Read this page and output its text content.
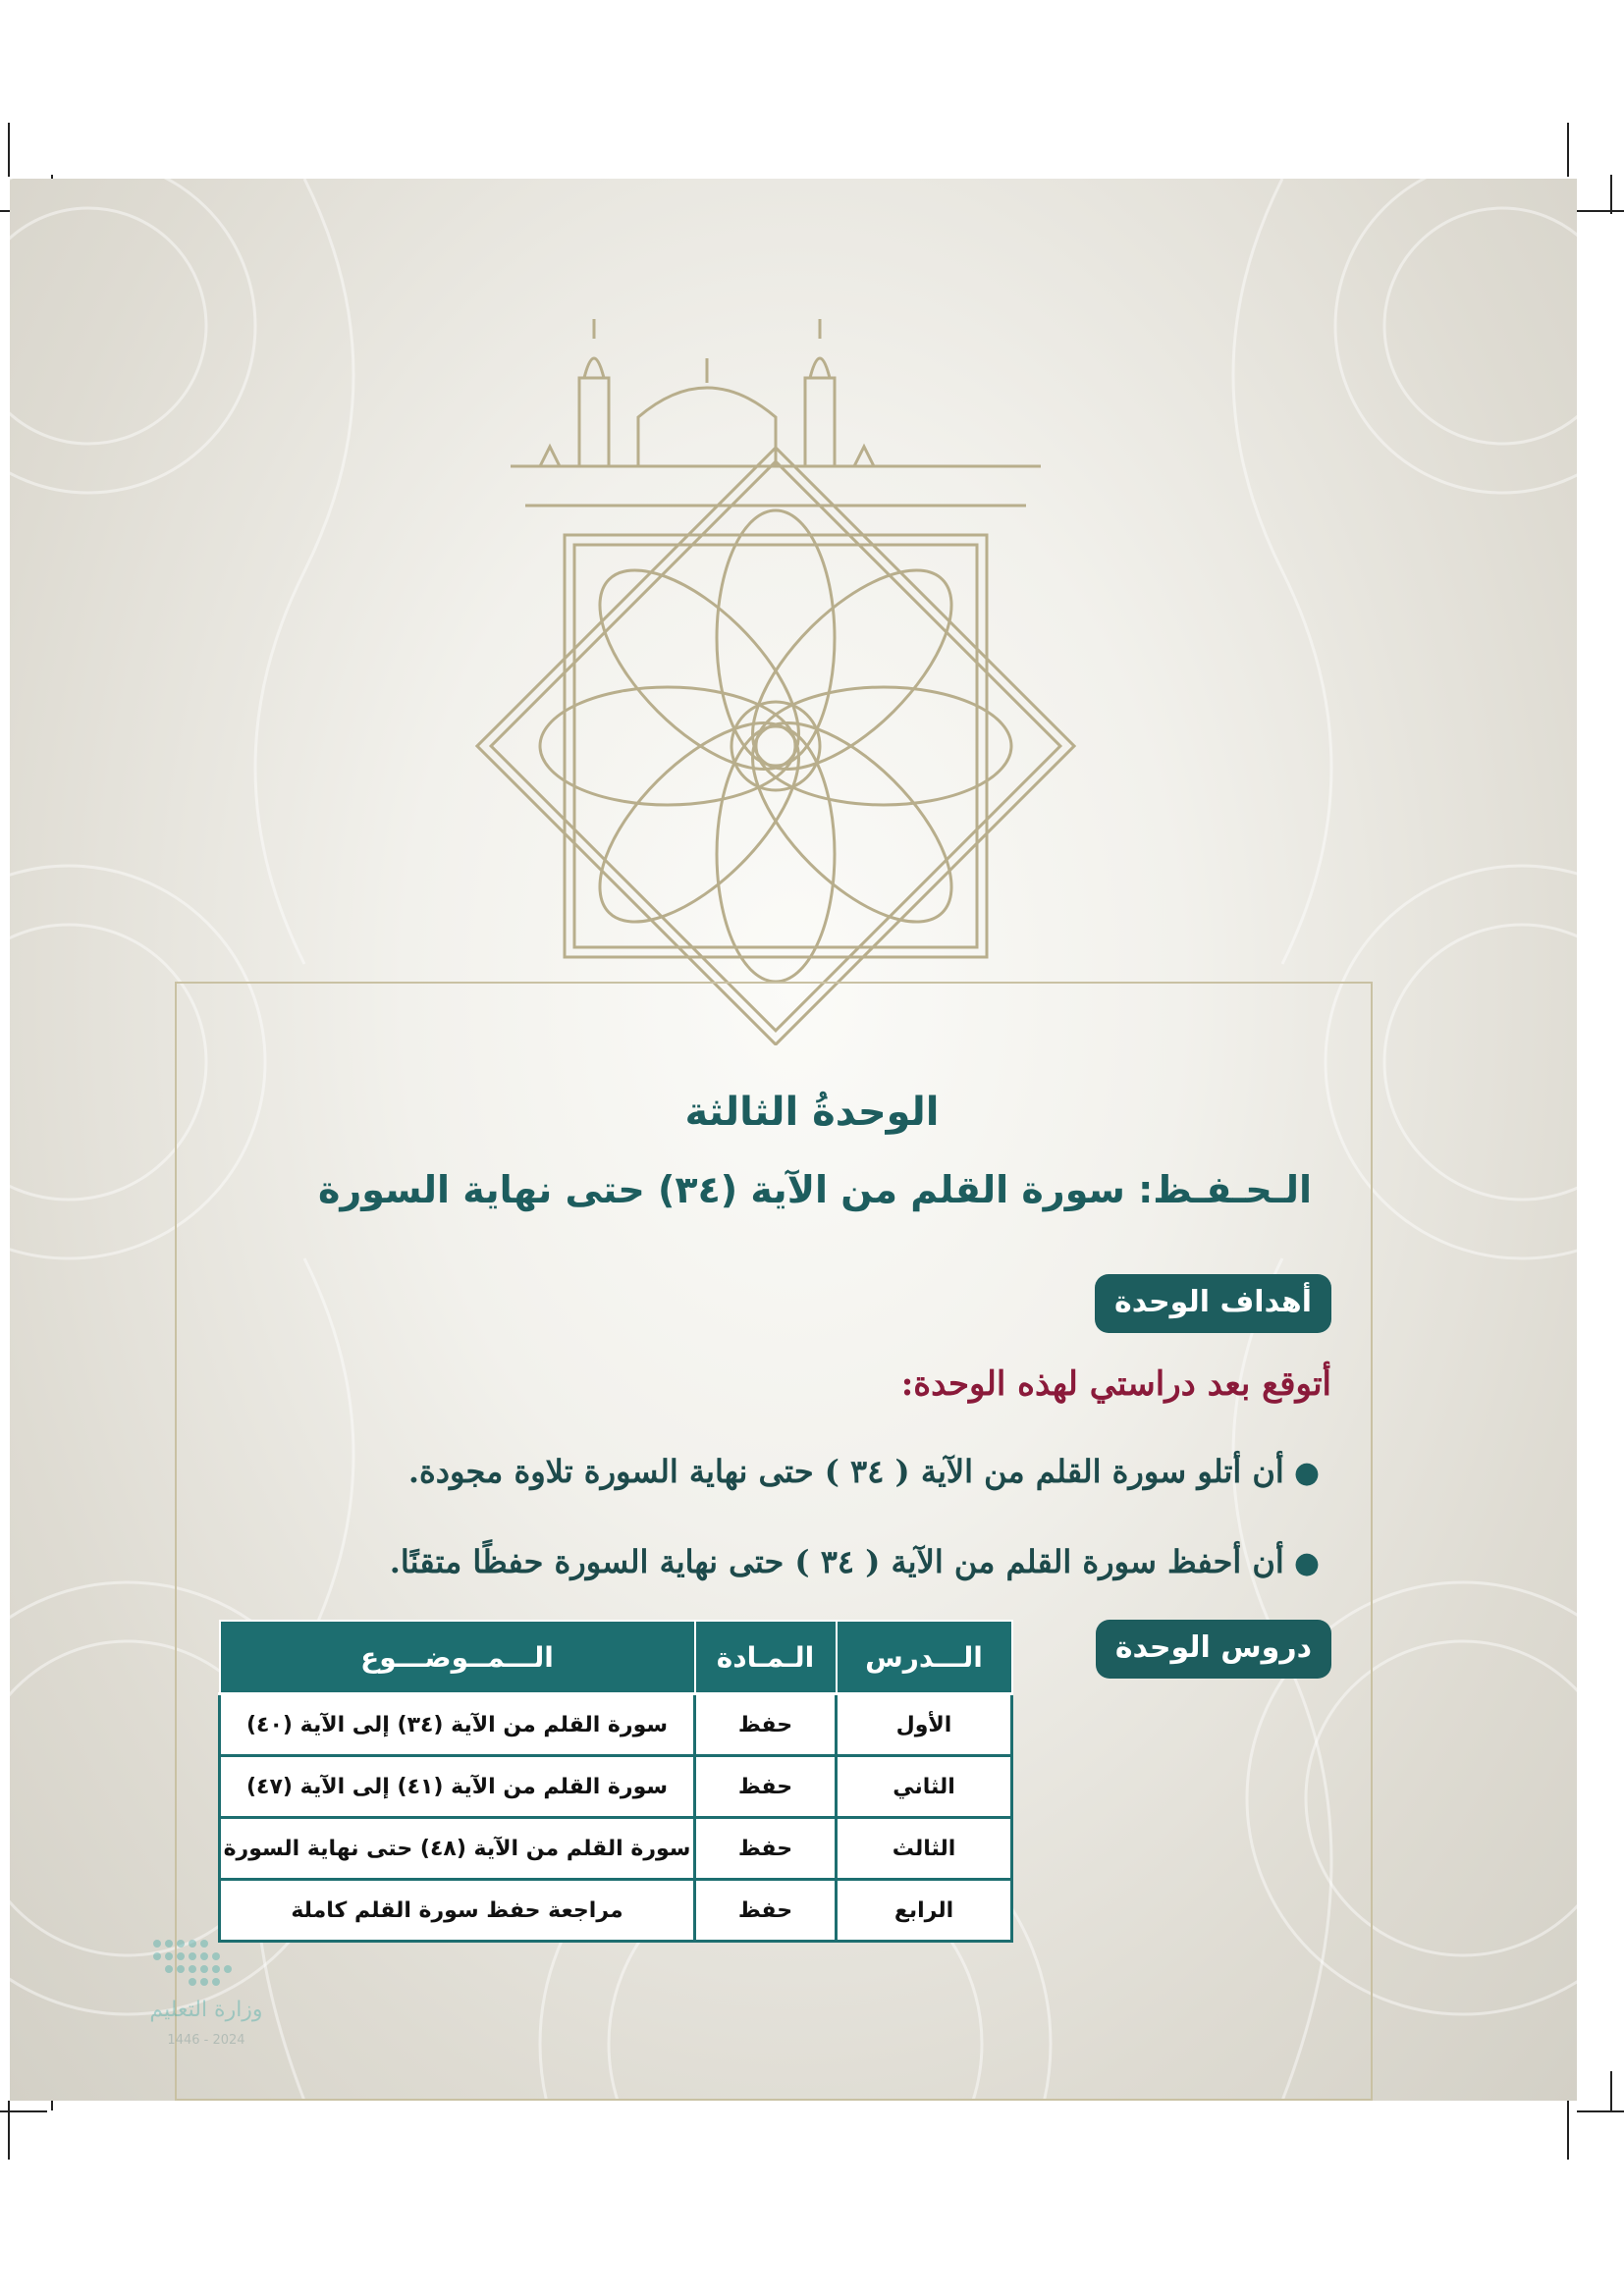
الوحدةُ الثالثة
الـحـفـظ: سورة القلم من الآية (٣٤) حتى نهاية السورة
أهداف الوحدة
أتوقع بعد دراستي لهذه الوحدة:
●أن أتلو سورة القلم من الآية ( ٣٤ ) حتى نهاية السورة تلاوة مجودة.
●أن أحفظ سورة القلم من الآية ( ٣٤ ) حتى نهاية السورة حفظًا متقنًا.
دروس الوحدة
الـــدرس	الـمـادة	الـــمــوضـــوع
الأول	حفظ	سورة القلم من الآية (٣٤) إلى الآية (٤٠)
الثاني	حفظ	سورة القلم من الآية (٤١) إلى الآية (٤٧)
الثالث	حفظ	سورة القلم من الآية (٤٨) حتى نهاية السورة
الرابع	حفظ	مراجعة حفظ سورة القلم كاملة
وزارة التعليم
2024 - 1446
